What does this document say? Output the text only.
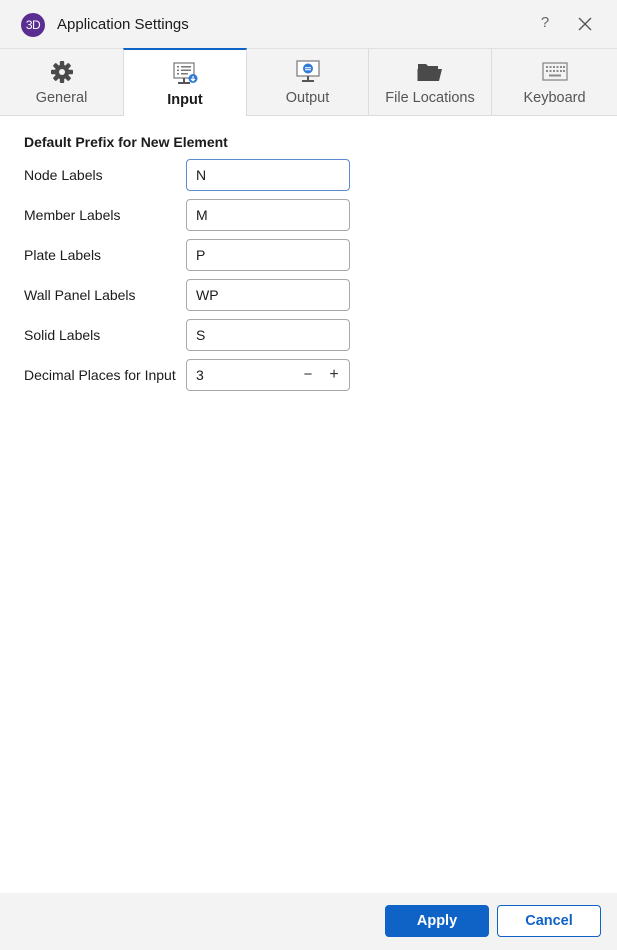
3D	Application Settings	?
General	Input	Output	File Locations	Keyboard
Default Prefix for New Element
Node Labels
N
Member Labels
M
Plate Labels
P
Wall Panel Labels
WP
Solid Labels
S
Decimal Places for Input 3	− +
Apply	Cancel
